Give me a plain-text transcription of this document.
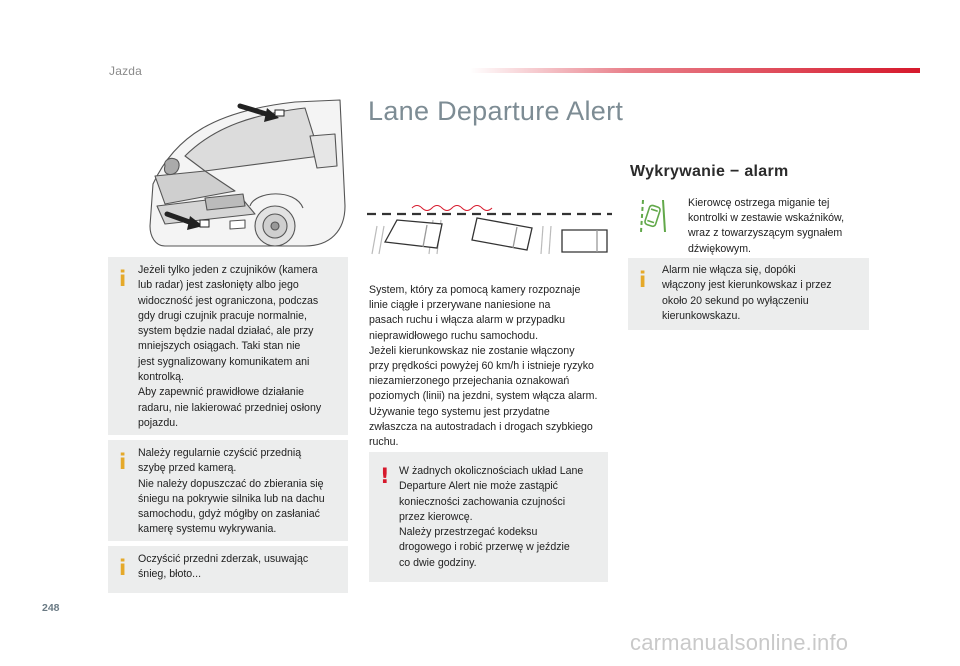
Jazda
Lane Departure Alert
System, który za pomocą kamery rozpoznaje
linie ciągłe i przerywane naniesione na
pasach ruchu i włącza alarm w przypadku
nieprawidłowego ruchu samochodu.
Jeżeli kierunkowskaz nie zostanie włączony
przy prędkości powyżej 60 km/h i istnieje ryzyko
niezamierzonego przejechania oznakowań
poziomych (linii) na jezdni, system włącza alarm.
Używanie tego systemu jest przydatne
zwłaszcza na autostradach i drogach szybkiego
ruchu.
! W żadnych okolicznościach układ Lane
Departure Alert nie może zastąpić
konieczności zachowania czujności
przez kierowcę.
Należy przestrzegać kodeksu
drogowego i robić przerwę w jeździe
co dwie godziny.
Wykrywanie − alarm
Kierowcę ostrzega miganie tej
kontrolki w zestawie wskaźników,
wraz z towarzyszącym sygnałem
dźwiękowym.
i Alarm nie włącza się, dopóki
włączony jest kierunkowskaz i przez
około 20 sekund po wyłączeniu
kierunkowskazu.
i Jeżeli tylko jeden z czujników (kamera
lub radar) jest zasłonięty albo jego
widoczność jest ograniczona, podczas
gdy drugi czujnik pracuje normalnie,
system będzie nadal działać, ale przy
mniejszych osiągach. Taki stan nie
jest sygnalizowany komunikatem ani
kontrolką.
Aby zapewnić prawidłowe działanie
radaru, nie lakierować przedniej osłony
pojazdu.
i Należy regularnie czyścić przednią
szybę przed kamerą.
Nie należy dopuszczać do zbierania się
śniegu na pokrywie silnika lub na dachu
samochodu, gdyż mógłby on zasłaniać
kamerę systemu wykrywania.
i Oczyścić przedni zderzak, usuwając
śnieg, błoto...
248
carmanualsonline.info
